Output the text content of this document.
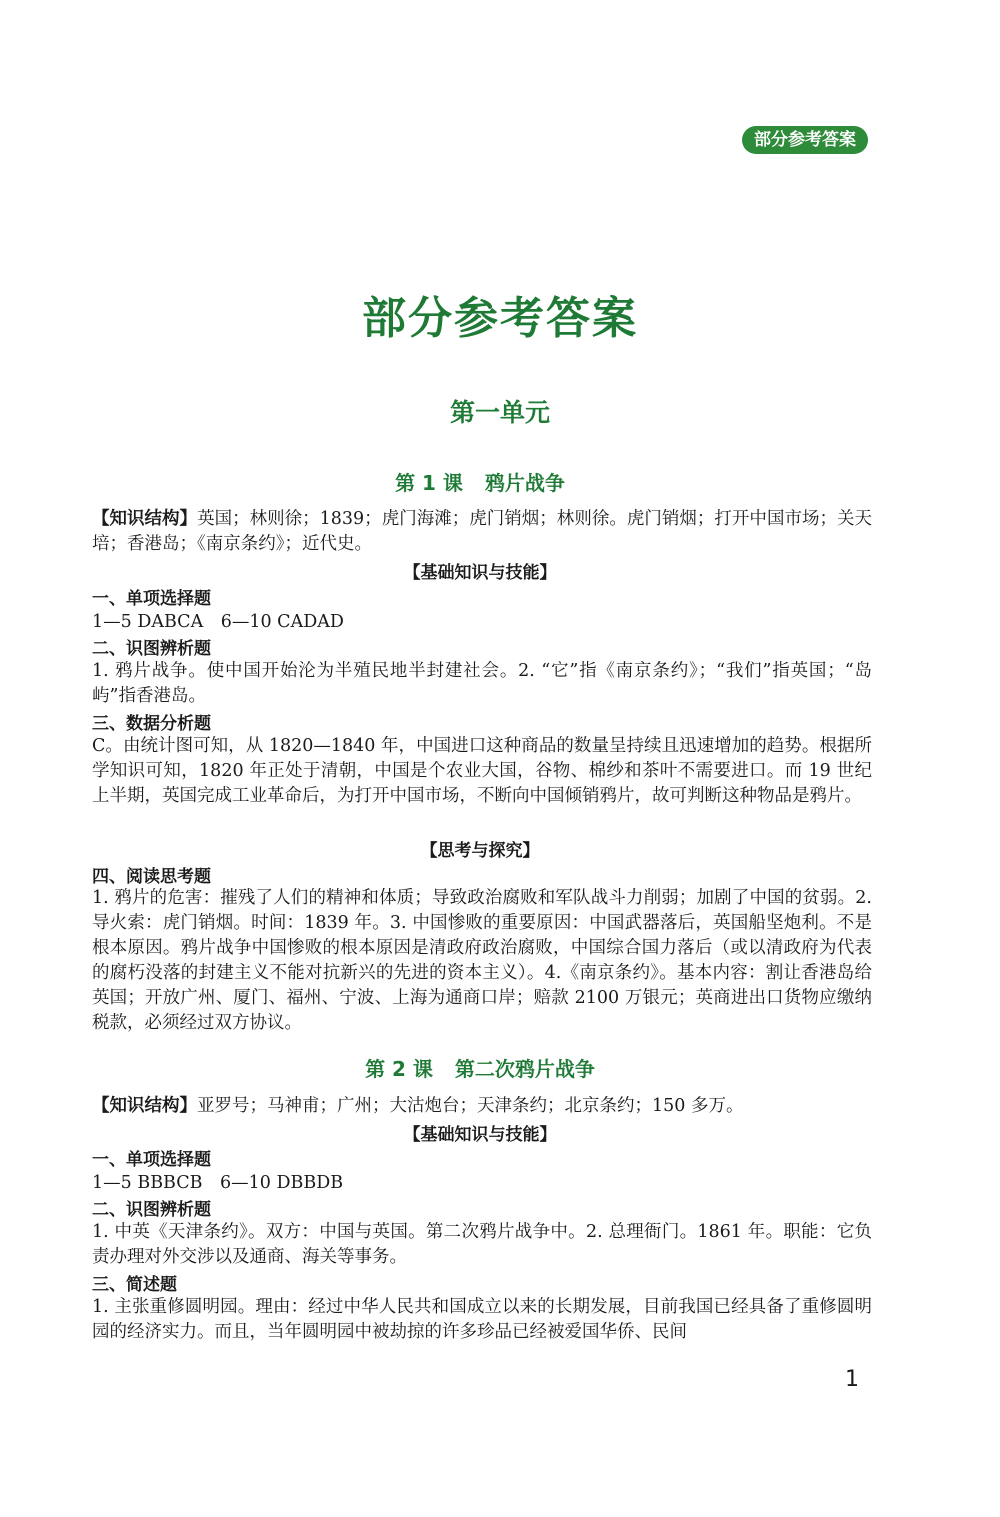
部分参考答案
部分参考答案
第一单元
第 1 课 鸦片战争

【知识结构】英国；林则徐；1839；虎门海滩；虎门销烟；林则徐。虎门销烟；打开中国市场；关天培；香港岛；《南京条约》；近代史。

【基础知识与技能】

一、单项选择题

1—5 DABCA　6—10 CADAD

二、识图辨析题

1. 鸦片战争。使中国开始沦为半殖民地半封建社会。2. “它”指《南京条约》；“我们”指英国；“岛屿”指香港岛。

三、数据分析题

C。由统计图可知，从 1820—1840 年，中国进口这种商品的数量呈持续且迅速增加的趋势。根据所学知识可知，1820 年正处于清朝，中国是个农业大国，谷物、棉纱和茶叶不需要进口。而 19 世纪上半期，英国完成工业革命后，为打开中国市场，不断向中国倾销鸦片，故可判断这种物品是鸦片。

【思考与探究】

四、阅读思考题

1. 鸦片的危害：摧残了人们的精神和体质；导致政治腐败和军队战斗力削弱；加剧了中国的贫弱。2. 导火索：虎门销烟。时间：1839 年。3. 中国惨败的重要原因：中国武器落后，英国船坚炮利。不是根本原因。鸦片战争中国惨败的根本原因是清政府政治腐败，中国综合国力落后（或以清政府为代表的腐朽没落的封建主义不能对抗新兴的先进的资本主义）。4.《南京条约》。基本内容：割让香港岛给英国；开放广州、厦门、福州、宁波、上海为通商口岸；赔款 2100 万银元；英商进出口货物应缴纳税款，必须经过双方协议。

第 2 课 第二次鸦片战争

【知识结构】亚罗号；马神甫；广州；大沽炮台；天津条约；北京条约；150 多万。

【基础知识与技能】

一、单项选择题

1—5 BBBCB　6—10 DBBDB

二、识图辨析题

1. 中英《天津条约》。双方：中国与英国。第二次鸦片战争中。2. 总理衙门。1861 年。职能：它负责办理对外交涉以及通商、海关等事务。

三、简述题

1. 主张重修圆明园。理由：经过中华人民共和国成立以来的长期发展，目前我国已经具备了重修圆明园的经济实力。而且，当年圆明园中被劫掠的许多珍品已经被爱国华侨、民间

1
